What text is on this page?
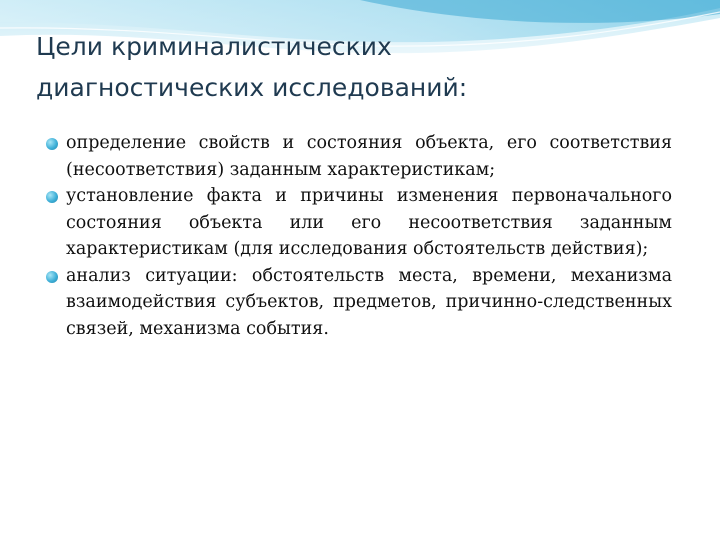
Цели криминалистических
диагностических исследований:
определение свойств и состояния объекта, его соответствия (несоответствия) заданным характеристикам;
установление факта и причины изменения первоначального состояния объекта или его несоответствия заданным характеристикам (для исследования обстоятельств действия);
анализ ситуации: обстоятельств места, времени, механизма взаимодействия субъектов, предметов, причинно-следственных связей, механизма события.
